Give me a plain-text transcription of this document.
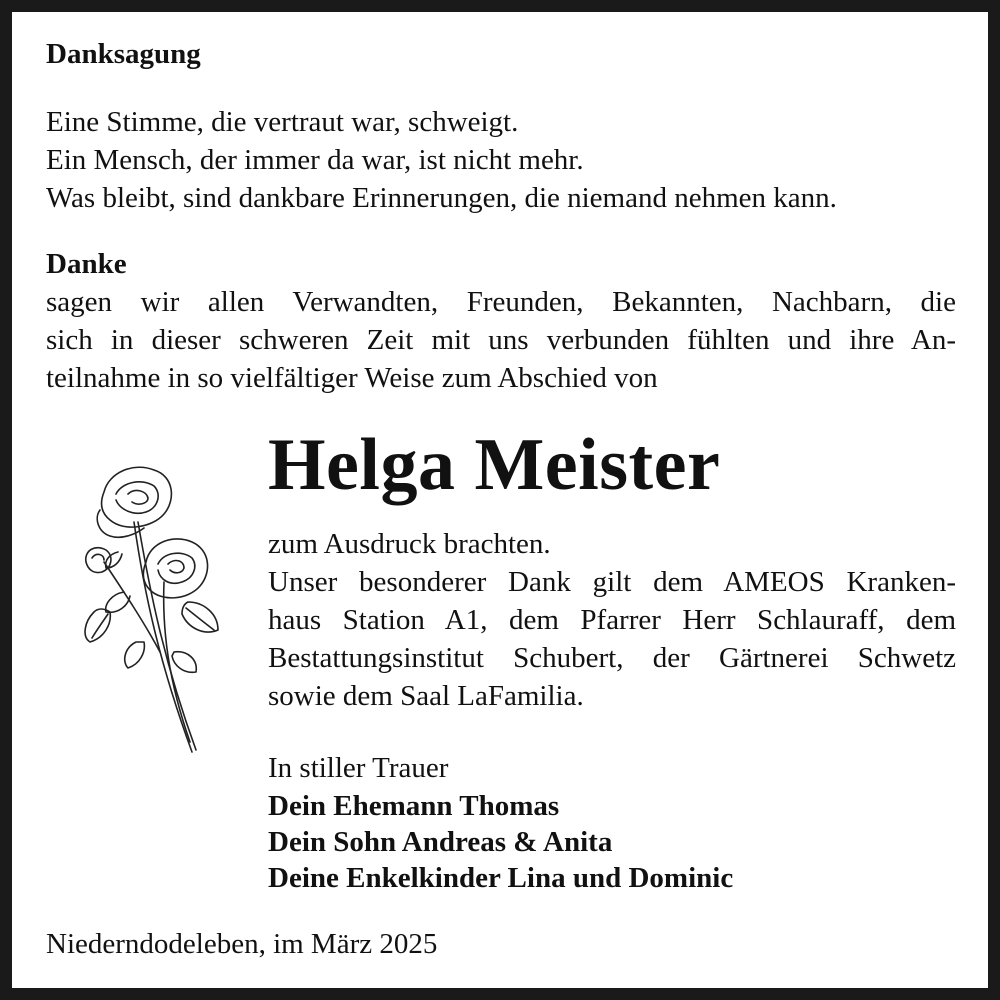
Danksagung
Eine Stimme, die vertraut war, schweigt.
Ein Mensch, der immer da war, ist nicht mehr.
Was bleibt, sind dankbare Erinnerungen, die niemand nehmen kann.
Danke
sagen wir allen Verwandten, Freunden, Bekannten, Nachbarn, die
sich in dieser schweren Zeit mit uns verbunden fühlten und ihre An-
teilnahme in so vielfältiger Weise zum Abschied von
Helga Meister
zum Ausdruck brachten.
Unser besonderer Dank gilt dem AMEOS Kranken-
haus Station A1, dem Pfarrer Herr Schlauraff, dem
Bestattungsinstitut Schubert, der Gärtnerei Schwetz
sowie dem Saal LaFamilia.
In stiller Trauer
Dein Ehemann Thomas
Dein Sohn Andreas & Anita
Deine Enkelkinder Lina und Dominic
Niederndodeleben, im März 2025
